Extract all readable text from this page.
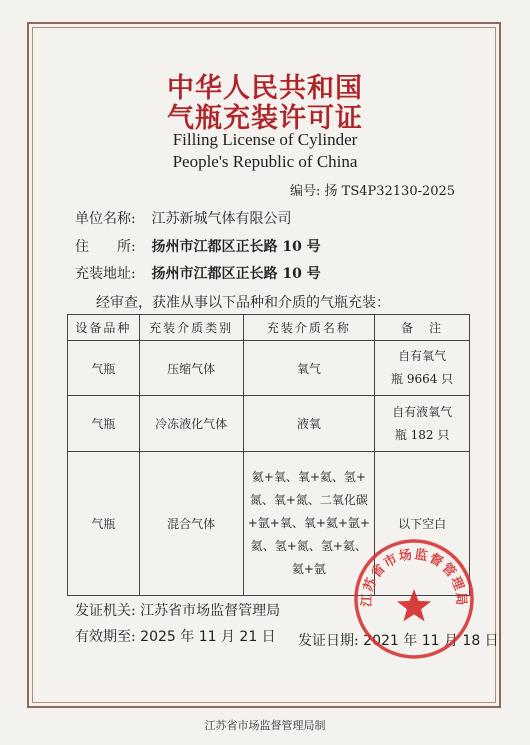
中华人民共和国
气瓶充装许可证
Filling License of Cylinder
People's Republic of China
编号: 扬 TS4P32130-2025
单位名称: 江苏新城气体有限公司
住　　所: 扬州市江都区正长路 10 号
充装地址: 扬州市江都区正长路 10 号
经审查，获准从事以下品种和介质的气瓶充装：
设备品种	充装介质类别	充装介质名称	备　注
气瓶	压缩气体	氧气	自有氧气
瓶 9664 只

气瓶	冷冻液化气体	液氧	自有液氧气
瓶 182 只

气瓶	混合气体	氦+氧、氧+氦、氢+
氮、氧+氮、二氧化碳
+氩+氧、氧+氦+氩+
氦、氢+氮、氢+氦、
氦+氩	以下空白
发证机关: 江苏省市场监督管理局
有效期至: 2025 年 11 月 21 日 发证日期: 2021 年 11 月 18 日
江苏省市场监督管理局
江苏省市场监督管理局制
